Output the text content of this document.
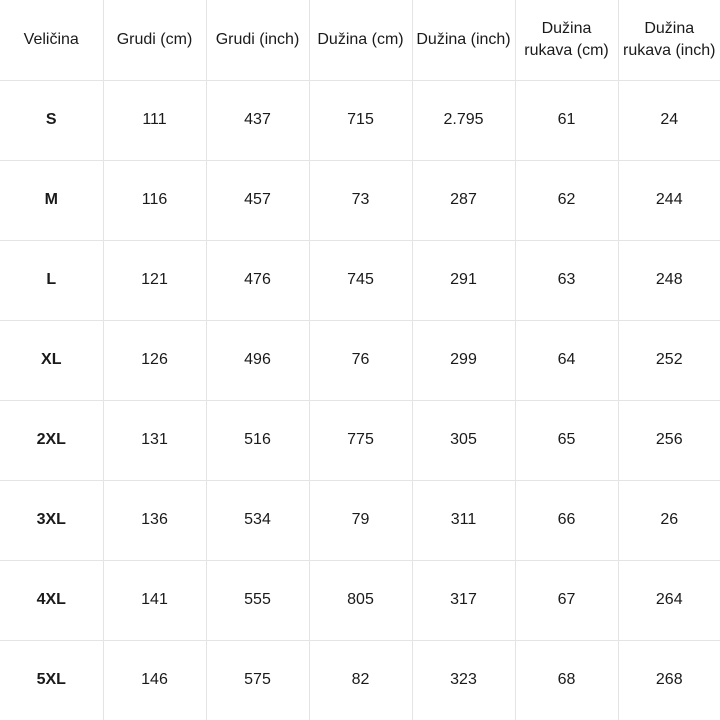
Veličina	Grudi (cm)	Grudi (inch)	Dužina (cm)	Dužina (inch)	Dužina rukava (cm)	Dužina rukava (inch)
S	111	437	715	2.795	61	24
M	116	457	73	287	62	244
L	121	476	745	291	63	248
XL	126	496	76	299	64	252
2XL	131	516	775	305	65	256
3XL	136	534	79	311	66	26
4XL	141	555	805	317	67	264
5XL	146	575	82	323	68	268
